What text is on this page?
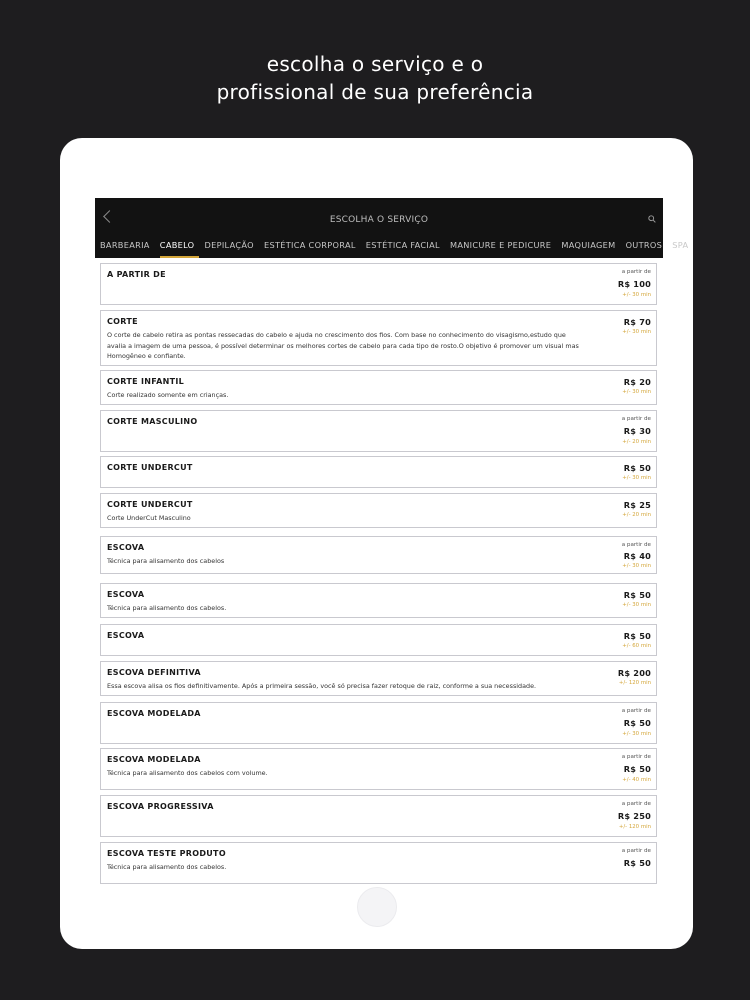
escolha o serviço e o
profissional de sua preferência
ESCOLHA O SERVIÇO
BARBEARIA CABELO DEPILAÇÃO ESTÉTICA CORPORAL ESTÉTICA FACIAL MANICURE E PEDICURE MAQUIAGEM OUTROS SPA
A PARTIR DE	a partir de
R$ 100
+/- 30 min
CORTE
O corte de cabelo retira as pontas ressecadas do cabelo e ajuda no crescimento dos fios. Com base no conhecimento do visagismo,estudo que avalia a imagem de uma pessoa, é possível determinar os melhores cortes de cabelo para cada tipo de rosto.O objetivo é promover um visual mas Homogêneo e confiante.
R$ 70
+/- 30 min
CORTE INFANTIL
Corte realizado somente em crianças.
R$ 20
+/- 30 min
CORTE MASCULINO	a partir de
R$ 30
+/- 20 min
CORTE UNDERCUT	R$ 50
+/- 30 min
CORTE UNDERCUT
Corte UnderCut Masculino
R$ 25
+/- 20 min
ESCOVA
Técnica para alisamento dos cabelos
a partir de
R$ 40
+/- 30 min
ESCOVA
Técnica para alisamento dos cabelos.
R$ 50
+/- 30 min
ESCOVA	R$ 50
+/- 60 min
ESCOVA DEFINITIVA
Essa escova alisa os fios definitivamente. Após a primeira sessão, você só precisa fazer retoque de raiz, conforme a sua necessidade.
R$ 200
+/- 120 min
ESCOVA MODELADA	a partir de
R$ 50
+/- 30 min
ESCOVA MODELADA
Técnica para alisamento dos cabelos com volume.
a partir de
R$ 50
+/- 40 min
ESCOVA PROGRESSIVA	a partir de
R$ 250
+/- 120 min
ESCOVA TESTE PRODUTO
Técnica para alisamento dos cabelos.
a partir de
R$ 50
